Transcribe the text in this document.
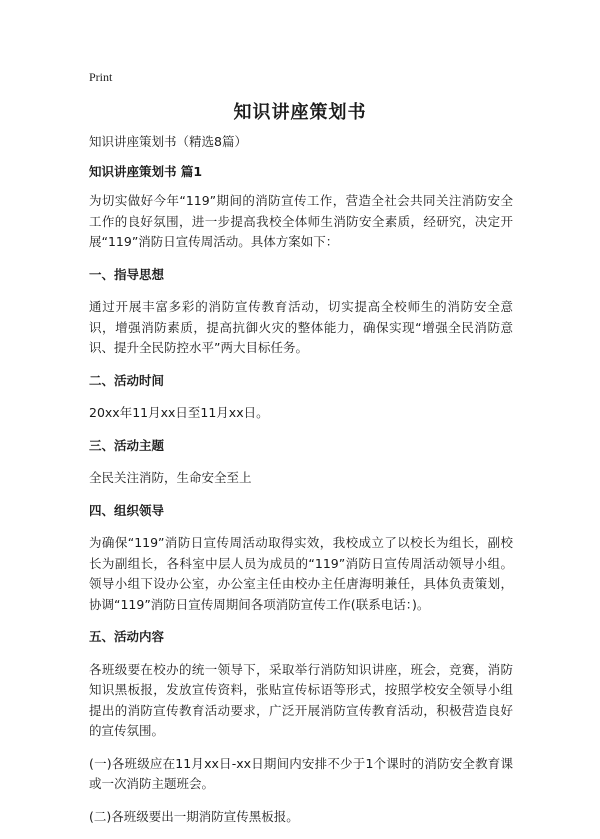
Print
知识讲座策划书

知识讲座策划书（精选8篇）

知识讲座策划书 篇1

为切实做好今年“119”期间的消防宣传工作，营造全社会共同关注消防安全工作的良好氛围，进一步提高我校全体师生消防安全素质，经研究，决定开展“119”消防日宣传周活动。具体方案如下：

一、指导思想

通过开展丰富多彩的消防宣传教育活动，切实提高全校师生的消防安全意识，增强消防素质，提高抗御火灾的整体能力，确保实现“增强全民消防意识、提升全民防控水平”两大目标任务。

二、活动时间

20xx年11月xx日至11月xx日。

三、活动主题

全民关注消防，生命安全至上

四、组织领导

为确保“119”消防日宣传周活动取得实效，我校成立了以校长为组长，副校长为副组长，各科室中层人员为成员的“119”消防日宣传周活动领导小组。领导小组下设办公室，办公室主任由校办主任唐海明兼任，具体负责策划，协调“119”消防日宣传周期间各项消防宣传工作(联系电话：)。

五、活动内容

各班级要在校办的统一领导下，采取举行消防知识讲座，班会，竞赛，消防知识黑板报，发放宣传资料，张贴宣传标语等形式，按照学校安全领导小组提出的消防宣传教育活动要求，广泛开展消防宣传教育活动，积极营造良好的宣传氛围。

(一)各班级应在11月xx日-xx日期间内安排不少于1个课时的消防安全教育课或一次消防主题班会。

(二)各班级要出一期消防宣传黑板报。
